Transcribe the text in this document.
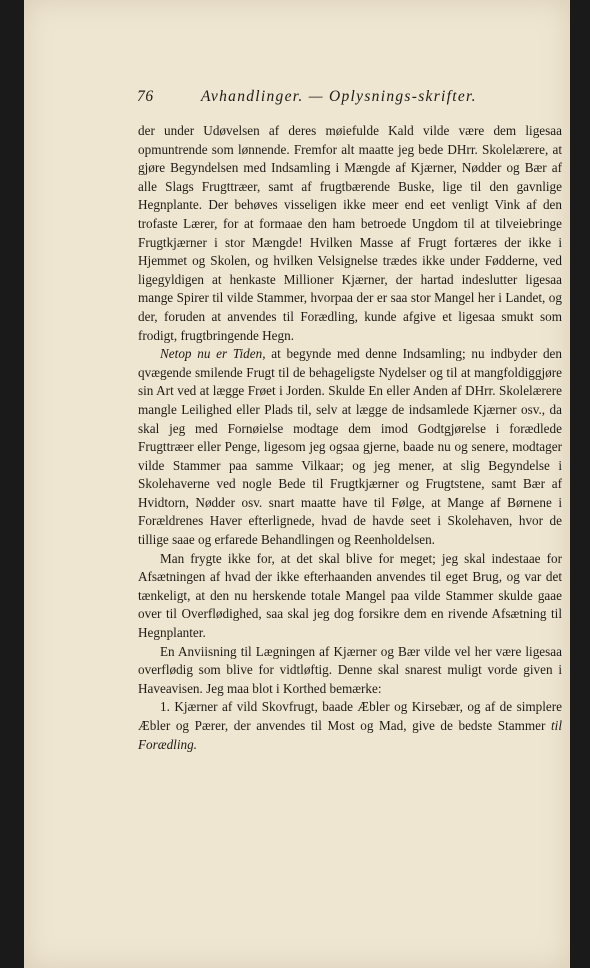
76	Avhandlinger. — Oplysnings-skrifter.

der under Udøvelsen af deres møiefulde Kald vilde være dem ligesaa opmuntrende som lønnende. Fremfor alt maatte jeg bede DHrr. Skolelærere, at gjøre Begyndelsen med Indsamling i Mængde af Kjærner, Nødder og Bær af alle Slags Frugttræer, samt af frugtbærende Buske, lige til den gavnlige Hegnplante. Der behøves visseligen ikke meer end eet venligt Vink af den trofaste Lærer, for at formaae den ham betroede Ungdom til at tilveiebringe Frugtkjærner i stor Mængde! Hvilken Masse af Frugt fortæres der ikke i Hjemmet og Skolen, og hvilken Velsignelse trædes ikke under Fødderne, ved ligegyldigen at henkaste Millioner Kjærner, der hartad indeslutter ligesaa mange Spirer til vilde Stammer, hvorpaa der er saa stor Mangel her i Landet, og der, foruden at anvendes til Forædling, kunde afgive et ligesaa smukt som frodigt, frugtbringende Hegn.

Netop nu er Tiden, at begynde med denne Indsamling; nu indbyder den qvægende smilende Frugt til de behageligste Nydelser og til at mangfoldiggjøre sin Art ved at lægge Frøet i Jorden. Skulde En eller Anden af DHrr. Skolelærere mangle Leilighed eller Plads til, selv at lægge de indsamlede Kjærner osv., da skal jeg med Fornøielse modtage dem imod Godtgjørelse i forædlede Frugttræer eller Penge, ligesom jeg ogsaa gjerne, baade nu og senere, modtager vilde Stammer paa samme Vilkaar; og jeg mener, at slig Begyndelse i Skolehaverne ved nogle Bede til Frugtkjærner og Frugtstene, samt Bær af Hvidtorn, Nødder osv. snart maatte have til Følge, at Mange af Børnene i Forældrenes Haver efterlignede, hvad de havde seet i Skolehaven, hvor de tillige saae og erfarede Behandlingen og Reenholdelsen.

Man frygte ikke for, at det skal blive for meget; jeg skal indestaae for Afsætningen af hvad der ikke efterhaanden anvendes til eget Brug, og var det tænkeligt, at den nu herskende totale Mangel paa vilde Stammer skulde gaae over til Overflødighed, saa skal jeg dog forsikre dem en rivende Afsætning til Hegnplanter.

En Anviisning til Lægningen af Kjærner og Bær vilde vel her være ligesaa overflødig som blive for vidtløftig. Denne skal snarest muligt vorde given i Haveavisen. Jeg maa blot i Korthed bemærke:

1. Kjærner af vild Skovfrugt, baade Æbler og Kirsebær, og af de simplere Æbler og Pærer, der anvendes til Most og Mad, give de bedste Stammer til Forædling.
